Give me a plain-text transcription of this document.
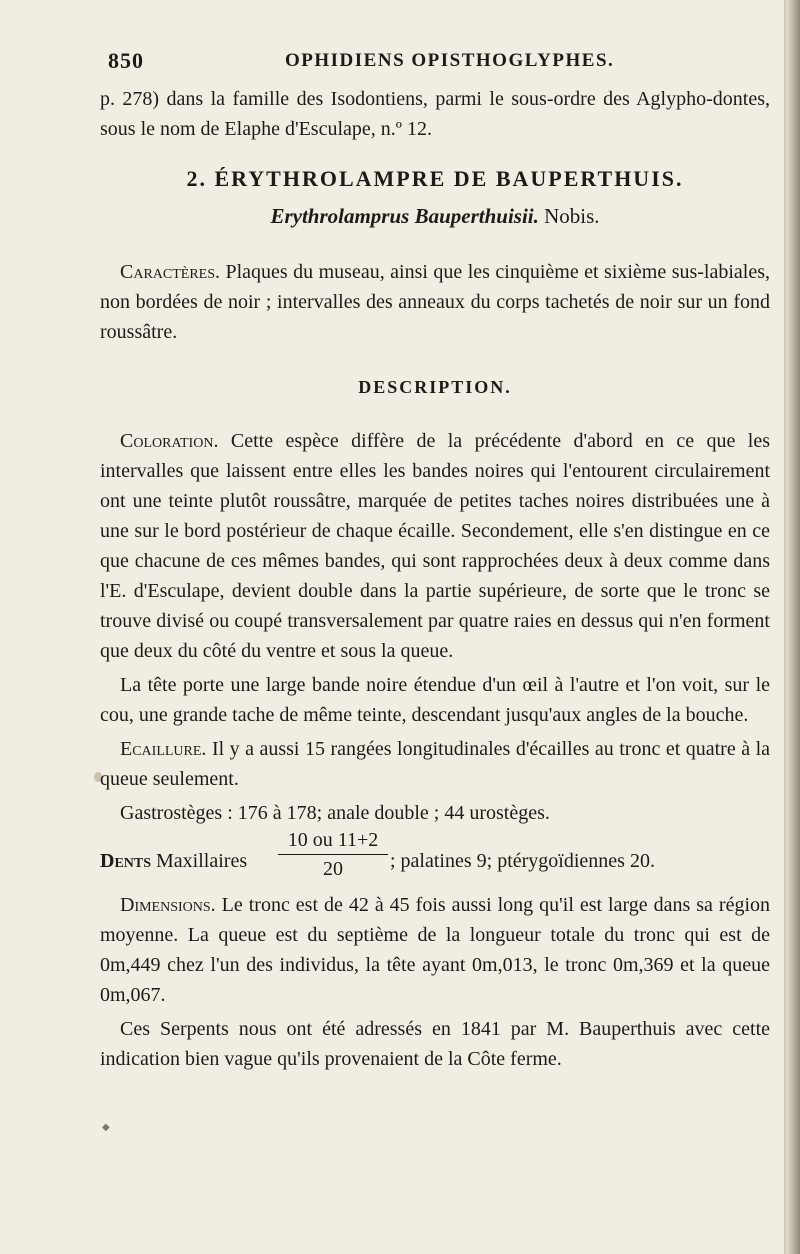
850	OPHIDIENS OPISTHOGLYPHES.

p. 278) dans la famille des Isodontiens, parmi le sous-ordre des Aglypho-dontes, sous le nom de Elaphe d'Esculape, n.º 12.

2. ÉRYTHROLAMPRE DE BAUPERTHUIS.
Erythrolamprus Bauperthuisii. Nobis.

Caractères. Plaques du museau, ainsi que les cinquième et sixième sus-labiales, non bordées de noir ; intervalles des anneaux du corps tachetés de noir sur un fond roussâtre.

DESCRIPTION.

Coloration. Cette espèce diffère de la précédente d'abord en ce que les intervalles que laissent entre elles les bandes noires qui l'entourent circulairement ont une teinte plutôt roussâtre, marquée de petites taches noires distribuées une à une sur le bord postérieur de chaque écaille. Secondement, elle s'en distingue en ce que chacune de ces mêmes bandes, qui sont rapprochées deux à deux comme dans l'E. d'Esculape, devient double dans la partie supérieure, de sorte que le tronc se trouve divisé ou coupé transversalement par quatre raies en dessus qui n'en forment que deux du côté du ventre et sous la queue.

La tête porte une large bande noire étendue d'un œil à l'autre et l'on voit, sur le cou, une grande tache de même teinte, descendant jusqu'aux angles de la bouche.

Ecaillure. Il y a aussi 15 rangées longitudinales d'écailles au tronc et quatre à la queue seulement.

Gastrostèges : 176 à 178; anale double ; 44 urostèges.

Dents Maxillaires
10 ou 11+2
20	; palatines 9; ptérygoïdiennes 20.

Dimensions. Le tronc est de 42 à 45 fois aussi long qu'il est large dans sa région moyenne. La queue est du septième de la longueur totale du tronc qui est de 0m,449 chez l'un des individus, la tête ayant 0m,013, le tronc 0m,369 et la queue 0m,067.

Ces Serpents nous ont été adressés en 1841 par M. Bauperthuis avec cette indication bien vague qu'ils provenaient de la Côte ferme.

◆
